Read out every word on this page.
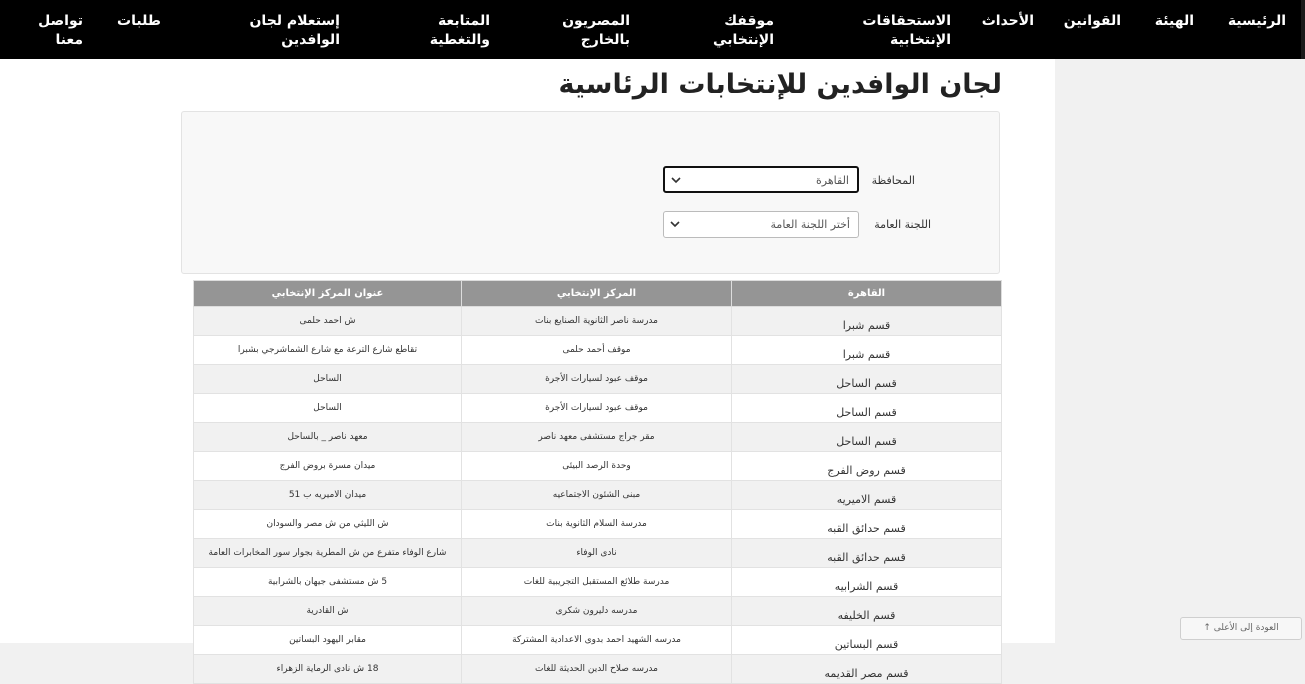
الرئيسية
الهيئة
القوانين
الأحداث
الاستحقاقات
الإنتخابية
موقفك
الإنتخابي
المصريون
بالخارج
المتابعة
والتغطية
إستعلام لجان
الوافدين
طلبات
تواصل
معنا
لجان الوافدين للإنتخابات الرئاسية
المحافظة
القاهرة
اللجنة العامة
أختر اللجنة العامة
القاهرة	المركز الإنتخابي	عنوان المركز الإنتخابي
قسم شبرا	مدرسة ناصر الثانوية الصنايع بنات	ش احمد حلمى
قسم شبرا	موقف أحمد حلمى	تقاطع شارع الترعة مع شارع الشماشرجي بشبرا
قسم الساحل	موقف عبود لسيارات الأجرة	الساحل
قسم الساحل	موقف عبود لسيارات الأجرة	الساحل
قسم الساحل	مقر جراج مستشفى معهد ناصر	معهد ناصر _ بالساحل
قسم روض الفرج	وحدة الرصد البيئى	ميدان مسرة بروض الفرج
قسم الاميريه	مبنى الشئون الاجتماعيه	ميدان الاميريه ب 51
قسم حدائق القبه	مدرسة السلام الثانوية بنات	ش الليثي من ش مصر والسودان
قسم حدائق القبه	نادى الوفاء	شارع الوفاء متفرع من ش المطرية بجوار سور المخابرات العامة
قسم الشرابيه	مدرسة طلائع المستقبل التجريبية للغات	5 ش مستشفى جيهان بالشرابية
قسم الخليفه	مدرسه دليرون شكرى	ش القادرية
قسم البساتين	مدرسه الشهيد احمد بدوى الاعدادية المشتركة	مقابر اليهود البساتين
قسم مصر القديمه	مدرسه صلاح الدين الحديثة للغات	18 ش نادى الرماية الزهراء
العودة إلى الأعلى ↑
